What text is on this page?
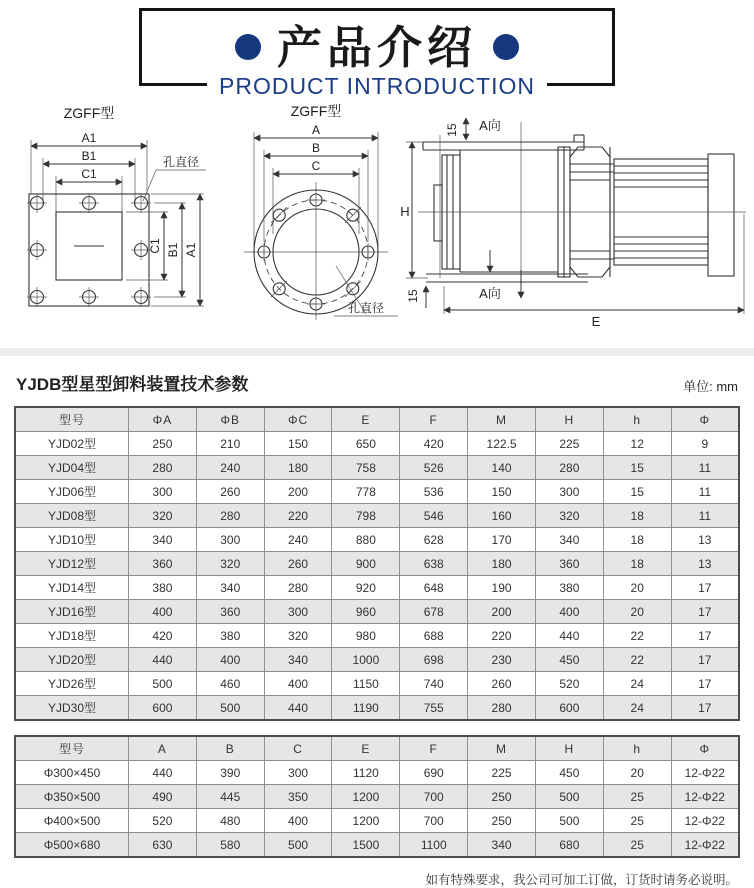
产品介绍
PRODUCT INTRODUCTION
ZGFF型
A1
B1
C1
C1 B1 A1
孔直径
ZGFF型
A
B
C
孔直径
15 A向
H
15	A向
E
YJDB型星型卸料装置技术参数	单位: mm
型号	ΦA	ΦB	ΦC	E	F	M	H	h	Φ
YJD02型	250	210	150	650	420	122.5	225	12	9
YJD04型	280	240	180	758	526	140	280	15	11
YJD06型	300	260	200	778	536	150	300	15	11
YJD08型	320	280	220	798	546	160	320	18	11
YJD10型	340	300	240	880	628	170	340	18	13
YJD12型	360	320	260	900	638	180	360	18	13
YJD14型	380	340	280	920	648	190	380	20	17
YJD16型	400	360	300	960	678	200	400	20	17
YJD18型	420	380	320	980	688	220	440	22	17
YJD20型	440	400	340	1000	698	230	450	22	17
YJD26型	500	460	400	1150	740	260	520	24	17
YJD30型	600	500	440	1190	755	280	600	24	17
型号	A	B	C	E	F	M	H	h	Φ
Φ300×450	440	390	300	1120	690	225	450	20	12-Φ22
Φ350×500	490	445	350	1200	700	250	500	25	12-Φ22
Φ400×500	520	480	400	1200	700	250	500	25	12-Φ22
Φ500×680	630	580	500	1500	1100	340	680	25	12-Φ22
如有特殊要求，我公司可加工订做，订货时请务必说明。
